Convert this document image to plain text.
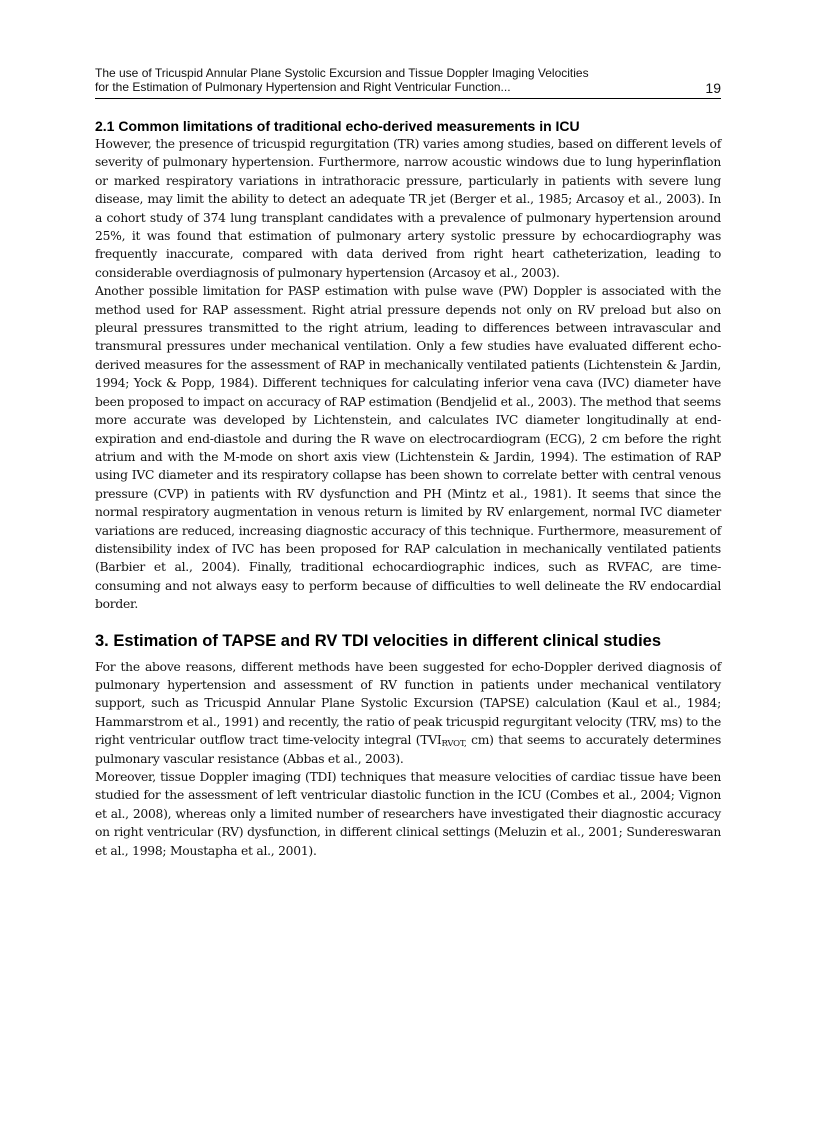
The use of Tricuspid Annular Plane Systolic Excursion and Tissue Doppler Imaging Velocities
for the Estimation of Pulmonary Hypertension and Right Ventricular Function...	19
2.1 Common limitations of traditional echo-derived measurements in ICU

However, the presence of tricuspid regurgitation (TR) varies among studies, based on different levels of severity of pulmonary hypertension. Furthermore, narrow acoustic windows due to lung hyperinflation or marked respiratory variations in intrathoracic pressure, particularly in patients with severe lung disease, may limit the ability to detect an adequate TR jet (Berger et al., 1985; Arcasoy et al., 2003). In a cohort study of 374 lung transplant candidates with a prevalence of pulmonary hypertension around 25%, it was found that estimation of pulmonary artery systolic pressure by echocardiography was frequently inaccurate, compared with data derived from right heart catheterization, leading to considerable overdiagnosis of pulmonary hypertension (Arcasoy et al., 2003).

Another possible limitation for PASP estimation with pulse wave (PW) Doppler is associated with the method used for RAP assessment. Right atrial pressure depends not only on RV preload but also on pleural pressures transmitted to the right atrium, leading to differences between intravascular and transmural pressures under mechanical ventilation. Only a few studies have evaluated different echo-derived measures for the assessment of RAP in mechanically ventilated patients (Lichtenstein & Jardin, 1994; Yock & Popp, 1984). Different techniques for calculating inferior vena cava (IVC) diameter have been proposed to impact on accuracy of RAP estimation (Bendjelid et al., 2003). The method that seems more accurate was developed by Lichtenstein, and calculates IVC diameter longitudinally at end-expiration and end-diastole and during the R wave on electrocardiogram (ECG), 2 cm before the right atrium and with the M-mode on short axis view (Lichtenstein & Jardin, 1994). The estimation of RAP using IVC diameter and its respiratory collapse has been shown to correlate better with central venous pressure (CVP) in patients with RV dysfunction and PH (Mintz et al., 1981). It seems that since the normal respiratory augmentation in venous return is limited by RV enlargement, normal IVC diameter variations are reduced, increasing diagnostic accuracy of this technique. Furthermore, measurement of distensibility index of IVC has been proposed for RAP calculation in mechanically ventilated patients (Barbier et al., 2004). Finally, traditional echocardiographic indices, such as RVFAC, are time-consuming and not always easy to perform because of difficulties to well delineate the RV endocardial border.

3. Estimation of TAPSE and RV TDI velocities in different clinical studies

For the above reasons, different methods have been suggested for echo-Doppler derived diagnosis of pulmonary hypertension and assessment of RV function in patients under mechanical ventilatory support, such as Tricuspid Annular Plane Systolic Excursion (TAPSE) calculation (Kaul et al., 1984; Hammarstrom et al., 1991) and recently, the ratio of peak tricuspid regurgitant velocity (TRV, ms) to the right ventricular outflow tract time-velocity integral ($TVI_{RVOT,}$ cm) that seems to accurately determines pulmonary vascular resistance (Abbas et al., 2003).

Moreover, tissue Doppler imaging (TDI) techniques that measure velocities of cardiac tissue have been studied for the assessment of left ventricular diastolic function in the ICU (Combes et al., 2004; Vignon et al., 2008), whereas only a limited number of researchers have investigated their diagnostic accuracy on right ventricular (RV) dysfunction, in different clinical settings (Meluzin et al., 2001; Sundereswaran et al., 1998; Moustapha et al., 2001).
